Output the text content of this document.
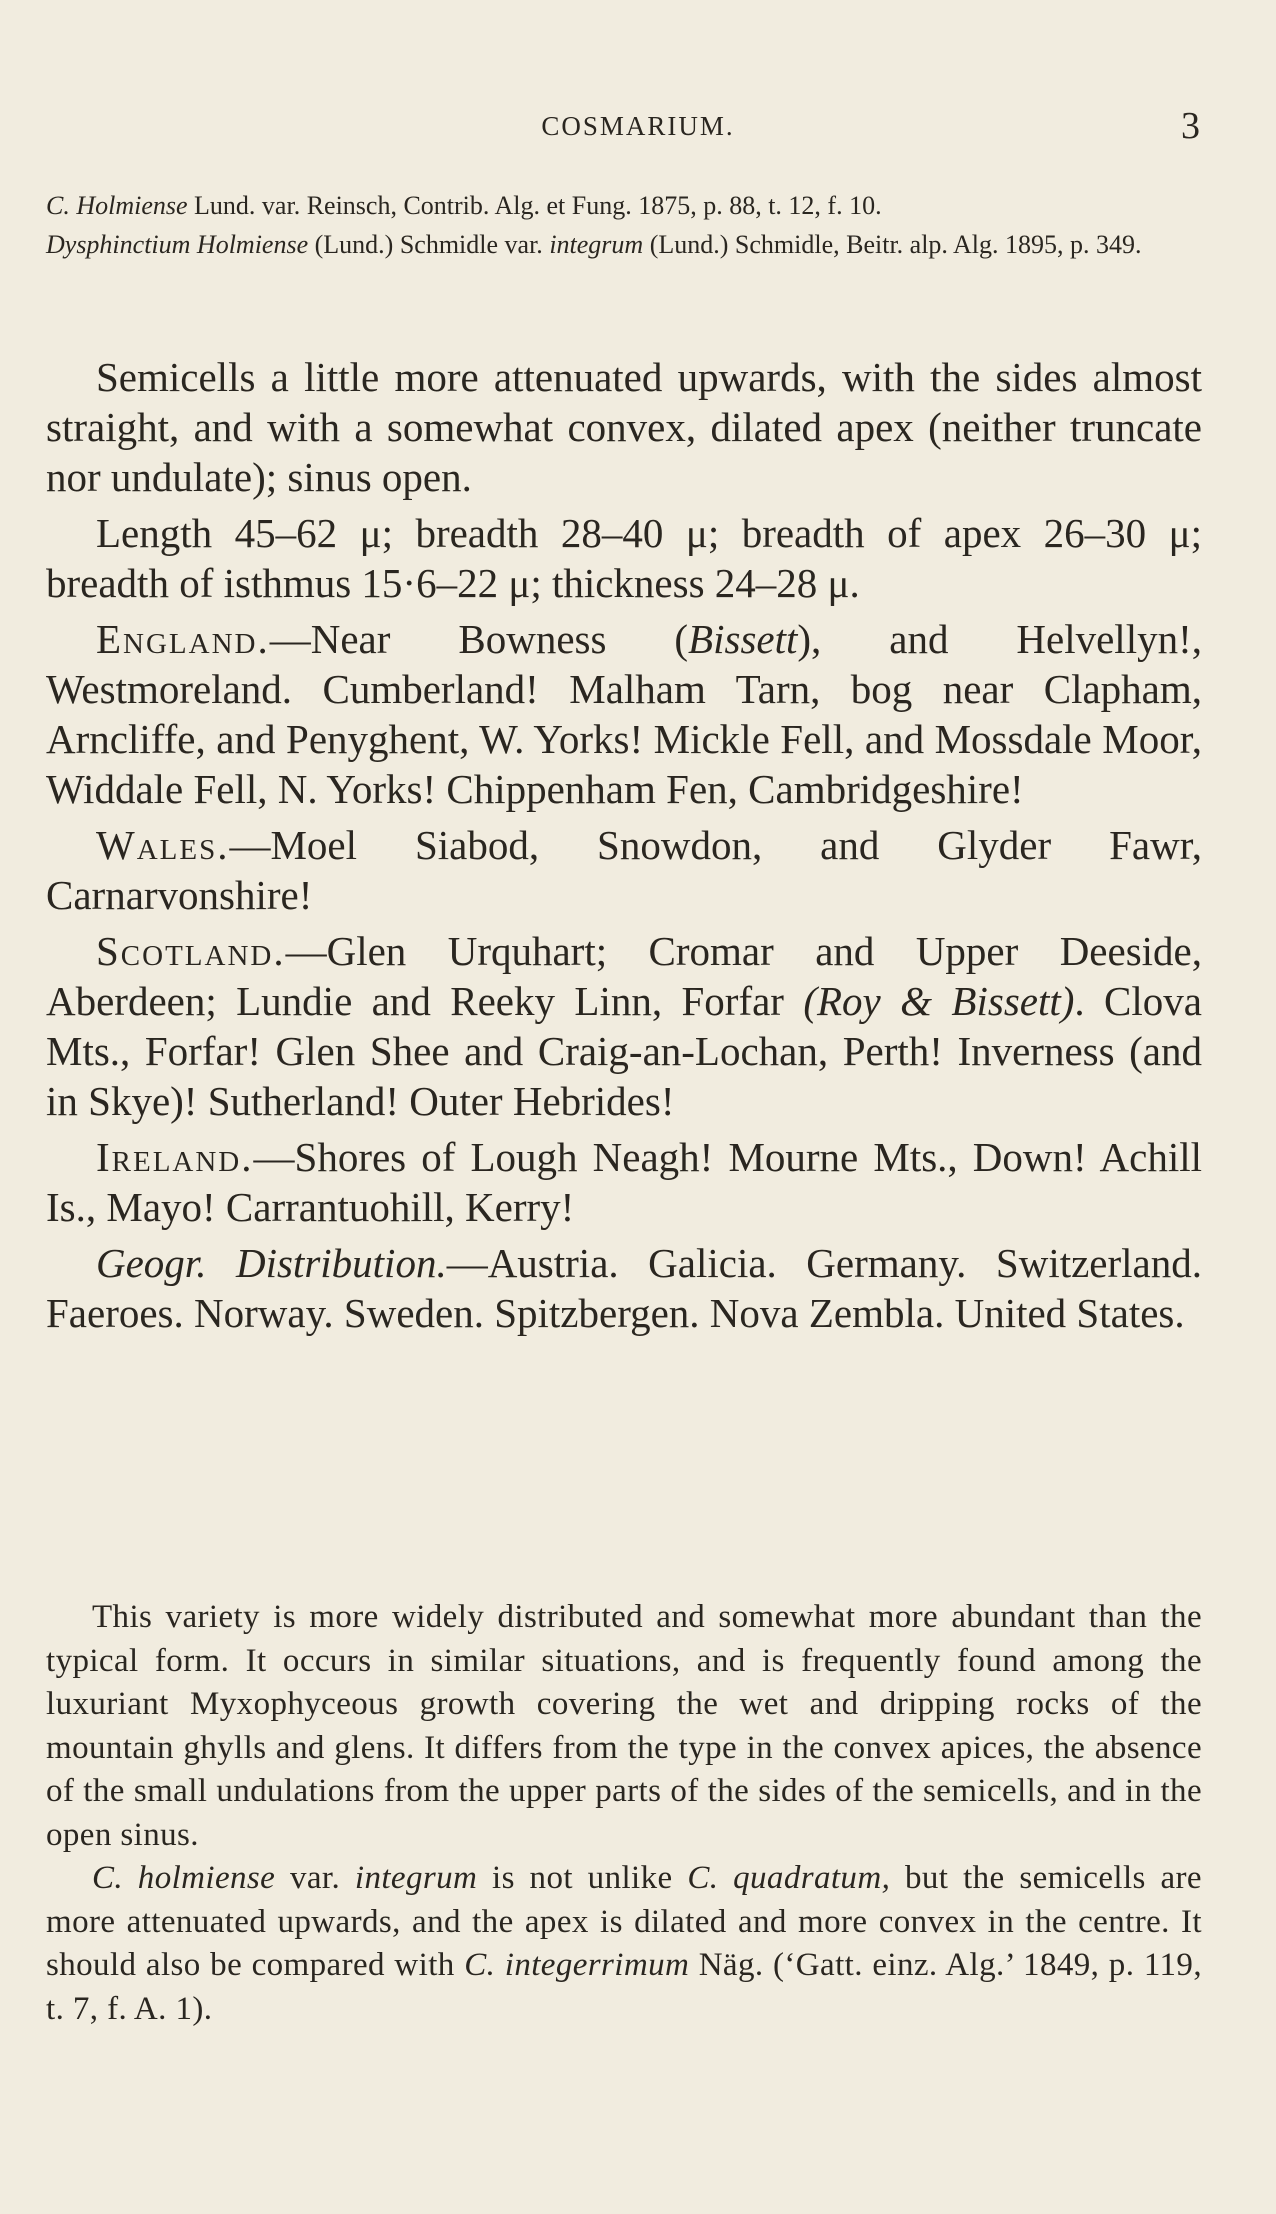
COSMARIUM.	3

C. Holmiense Lund. var. Reinsch, Contrib. Alg. et Fung. 1875, p. 88, t. 12, f. 10.

Dysphinctium Holmiense (Lund.) Schmidle var. integrum (Lund.) Schmidle, Beitr. alp. Alg. 1895, p. 349.

Semicells a little more attenuated upwards, with the sides almost straight, and with a somewhat convex, dilated apex (neither truncate nor undulate); sinus open.

Length 45–62 μ; breadth 28–40 μ; breadth of apex 26–30 μ; breadth of isthmus 15·6–22 μ; thickness 24–28 μ.

England.—Near Bowness (Bissett), and Helvellyn!, Westmoreland. Cumberland! Malham Tarn, bog near Clapham, Arncliffe, and Penyghent, W. Yorks! Mickle Fell, and Mossdale Moor, Widdale Fell, N. Yorks! Chippenham Fen, Cambridgeshire!

Wales.—Moel Siabod, Snowdon, and Glyder Fawr, Carnarvonshire!

Scotland.—Glen Urquhart; Cromar and Upper Deeside, Aberdeen; Lundie and Reeky Linn, Forfar (Roy & Bissett). Clova Mts., Forfar! Glen Shee and Craig-an-Lochan, Perth! Inverness (and in Skye)! Sutherland! Outer Hebrides!

Ireland.—Shores of Lough Neagh! Mourne Mts., Down! Achill Is., Mayo! Carrantuohill, Kerry!

Geogr. Distribution.—Austria. Galicia. Germany. Switzerland. Faeroes. Norway. Sweden. Spitzbergen. Nova Zembla. United States.

This variety is more widely distributed and somewhat more abundant than the typical form. It occurs in similar situations, and is frequently found among the luxuriant Myxophyceous growth covering the wet and dripping rocks of the mountain ghylls and glens. It differs from the type in the convex apices, the absence of the small undulations from the upper parts of the sides of the semicells, and in the open sinus.

C. holmiense var. integrum is not unlike C. quadratum, but the semicells are more attenuated upwards, and the apex is dilated and more convex in the centre. It should also be compared with C. integerrimum Näg. (‘Gatt. einz. Alg.’ 1849, p. 119, t. 7, f. A. 1).
